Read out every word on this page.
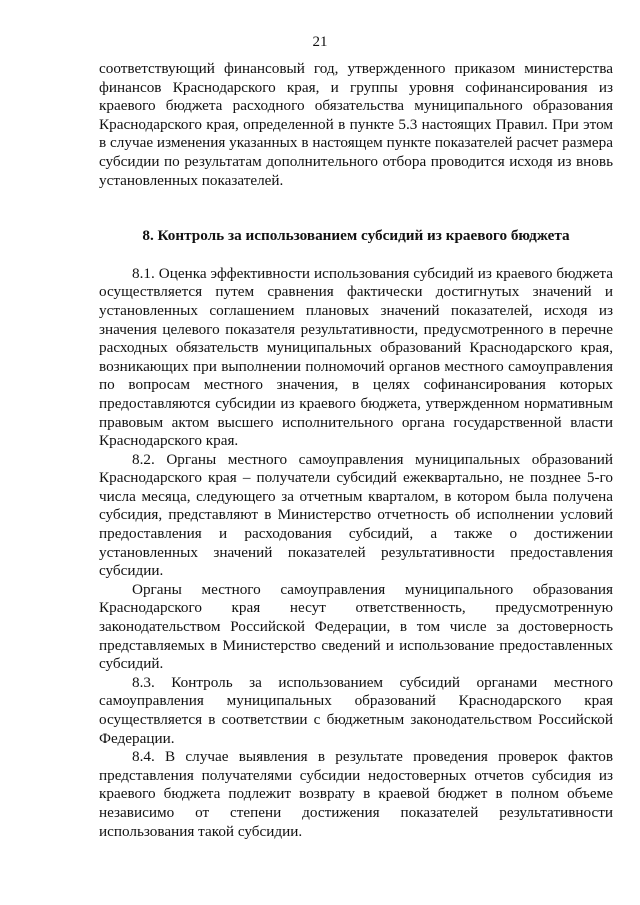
21

соответствующий финансовый год, утвержденного приказом министерства финансов Краснодарского края, и группы уровня софинансирования из краевого бюджета расходного обязательства муниципального образования Краснодарского края, определенной в пункте 5.3 настоящих Правил. При этом в случае изменения указанных в настоящем пункте показателей расчет размера субсидии по результатам дополнительного отбора проводится исходя из вновь установленных показателей.

8. Контроль за использованием субсидий из краевого бюджета

8.1. Оценка эффективности использования субсидий из краевого бюджета осуществляется путем сравнения фактически достигнутых значений и установленных соглашением плановых значений показателей, исходя из значения целевого показателя результативности, предусмотренного в перечне расходных обязательств муниципальных образований Краснодарского края, возникающих при выполнении полномочий органов местного самоуправления по вопросам местного значения, в целях софинансирования которых предоставляются субсидии из краевого бюджета, утвержденном нормативным правовым актом высшего исполнительного органа государственной власти Краснодарского края.

8.2. Органы местного самоуправления муниципальных образований Краснодарского края – получатели субсидий ежеквартально, не позднее 5-го числа месяца, следующего за отчетным кварталом, в котором была получена субсидия, представляют в Министерство отчетность об исполнении условий предоставления и расходования субсидий, а также о достижении установленных значений показателей результативности предоставления субсидии.

Органы местного самоуправления муниципального образования Краснодарского края несут ответственность, предусмотренную законодательством Российской Федерации, в том числе за достоверность представляемых в Министерство сведений и использование предоставленных субсидий.

8.3. Контроль за использованием субсидий органами местного самоуправления муниципальных образований Краснодарского края осуществляется в соответствии с бюджетным законодательством Российской Федерации.

8.4. В случае выявления в результате проведения проверок фактов представления получателями субсидии недостоверных отчетов субсидия из краевого бюджета подлежит возврату в краевой бюджет в полном объеме независимо от степени достижения показателей результативности использования такой субсидии.
